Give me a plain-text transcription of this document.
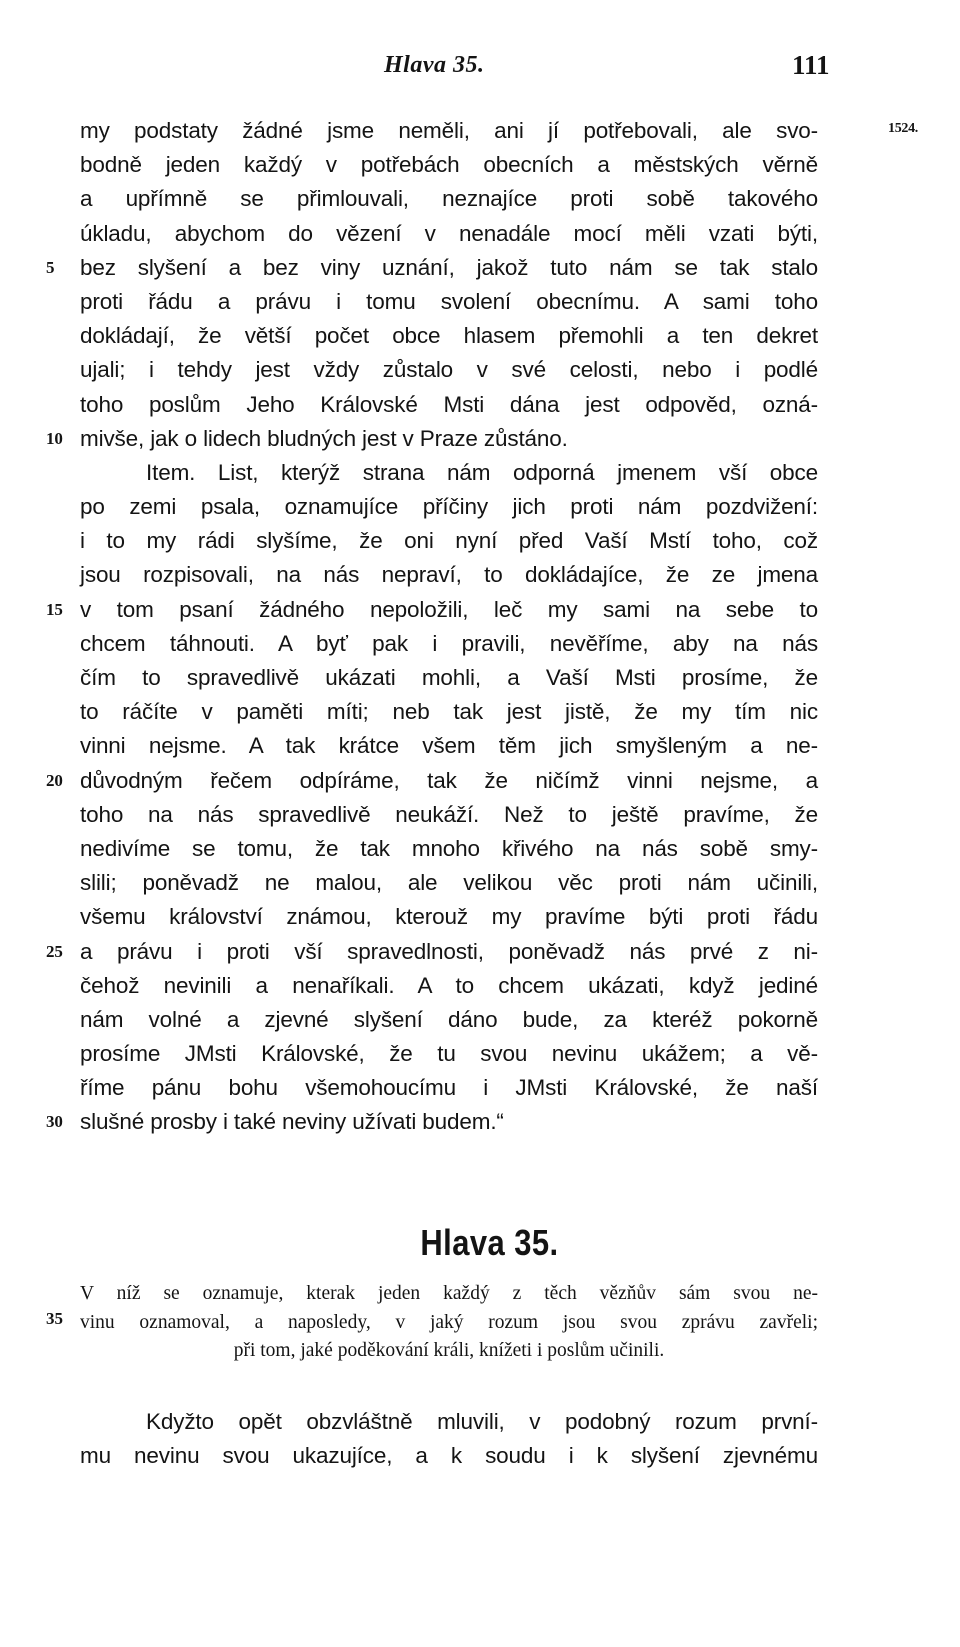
Hlava 35.	111
1524.
my podstaty žádné jsme neměli, ani jí potřebovali, ale svo-
bodně jeden každý v potřebách obecních a městských věrně
a upřímně se přimlouvali, neznajíce proti sobě takového
úkladu, abychom do vězení v nenadále mocí měli vzati býti,
5	bez slyšení a bez viny uznání, jakož tuto nám se tak stalo
proti řádu a právu i tomu svolení obecnímu. A sami toho
dokládají, že větší počet obce hlasem přemohli a ten dekret
ujali; i tehdy jest vždy zůstalo v své celosti, nebo i podlé
toho poslům Jeho Královské Msti dána jest odpověd, ozná-
10 mivše, jak o lidech bludných jest v Praze zůstáno.
Item. List, kterýž strana nám odporná jmenem vší obce
po zemi psala, oznamujíce příčiny jich proti nám pozdvižení:
i to my rádi slyšíme, že oni nyní před Vaší Mstí toho, což
jsou rozpisovali, na nás nepraví, to dokládajíce, že ze jmena
15 v tom psaní žádného nepoložili, leč my sami na sebe to
chcem táhnouti. A byť pak i pravili, nevěříme, aby na nás
čím to spravedlivě ukázati mohli, a Vaší Msti prosíme, že
to ráčíte v paměti míti; neb tak jest jistě, že my tím nic
vinni nejsme. A tak krátce všem těm jich smyšleným a ne-
20 důvodným řečem odpíráme, tak že ničímž vinni nejsme, a
toho na nás spravedlivě neukáží. Než to ještě pravíme, že
nedivíme se tomu, že tak mnoho křivého na nás sobě smy-
slili; poněvadž ne malou, ale velikou věc proti nám učinili,
všemu království známou, kterouž my pravíme býti proti řádu
25 a právu i proti vší spravedlnosti, poněvadž nás prvé z ni-
čehož nevinili a nenaříkali. A to chcem ukázati, když jediné
nám volné a zjevné slyšení dáno bude, za kteréž pokorně
prosíme JMsti Královské, že tu svou nevinu ukážem; a vě-
říme pánu bohu všemohoucímu i JMsti Královské, že naší
30 slušné prosby i také neviny užívati budem.“
Hlava 35.
V níž se oznamuje, kterak jeden každý z těch vězňův sám svou ne-
35 vinu oznamoval, a naposledy, v jaký rozum jsou svou zprávu zavřeli;
při tom, jaké poděkování králi, knížeti i poslům učinili.
Kdyžto opět obzvláštně mluvili, v podobný rozum první-
mu nevinu svou ukazujíce, a k soudu i k slyšení zjevnému
